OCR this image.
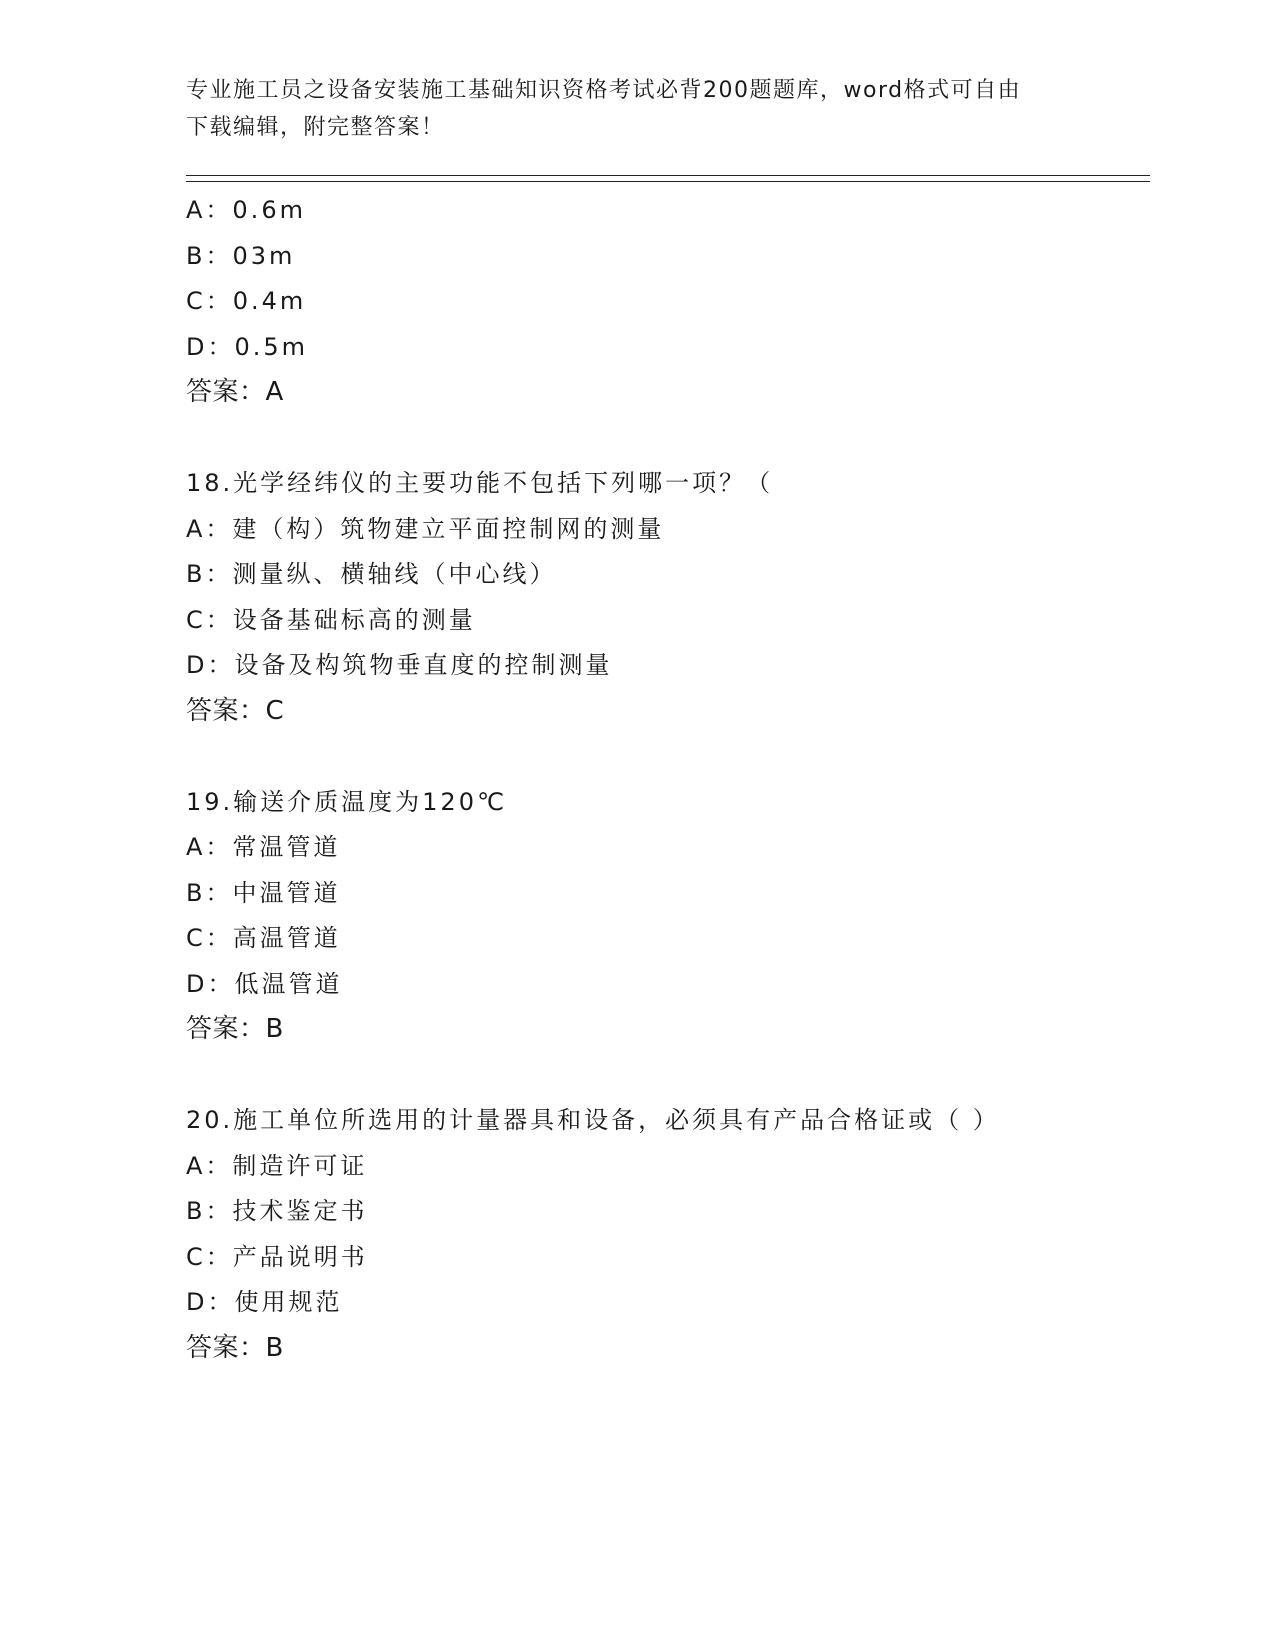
专业施工员之设备安装施工基础知识资格考试必背200题题库，word格式可自由
下载编辑，附完整答案！
A：0.6m
B：03m
C：0.4m
D：0.5m
答案：A
18.光学经纬仪的主要功能不包括下列哪一项？（
A：建（构）筑物建立平面控制网的测量
B：测量纵、横轴线（中心线）
C：设备基础标高的测量
D：设备及构筑物垂直度的控制测量
答案：C
19.输送介质温度为120℃
A：常温管道
B：中温管道
C：高温管道
D：低温管道
答案：B
20.施工单位所选用的计量器具和设备，必须具有产品合格证或（ ）
A：制造许可证
B：技术鉴定书
C：产品说明书
D：使用规范
答案：B
